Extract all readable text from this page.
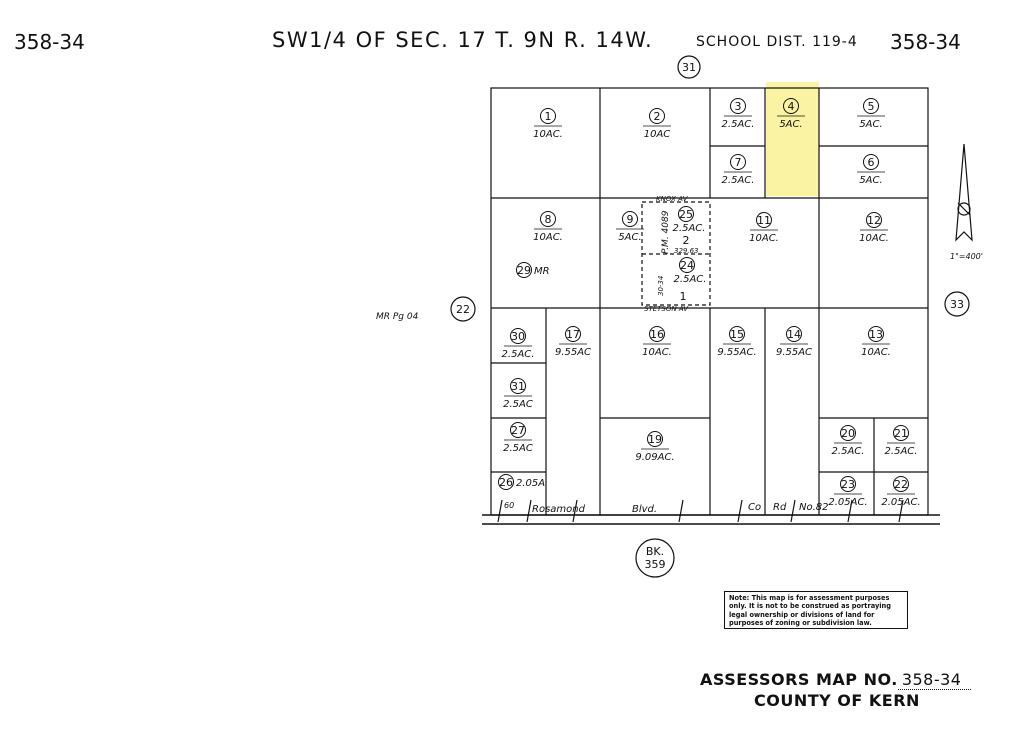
358-34	SW1/4 OF SEC. 17 T. 9N R. 14W.	SCHOOL DIST. 119-4 358-34
1
10AC.
2
10AC
3
2.5AC.
4
5AC.
5
5AC.
6
5AC.
7
2.5AC.
8
10AC.
9
5AC.
11
10AC.
12
10AC.
25
2.5AC.
24
2.5AC.
29 MR
30
2.5AC.
17
9.55AC
16
10AC.
15
9.55AC.
14
9.55AC
13
10AC.
31
2.5AC
27
2.5AC
19
9.09AC.
20
2.5AC.
21
2.5AC.
26 2.05A	23
2.05AC.
22
2.05AC.
31
22	33
BK.
359
MR Pg 04
1"=400'
KNOX AV
STETSON AV
P.M. 4089
30-34
2
1
329.63
60 Rosamond	Blvd.	Co Rd No.82
Note: This map is for assessment purposes only. It is not to be construed as portraying legal ownership or divisions of land for purposes of zoning or subdivision law.
ASSESSORS MAP NO. 358-34
COUNTY OF KERN
